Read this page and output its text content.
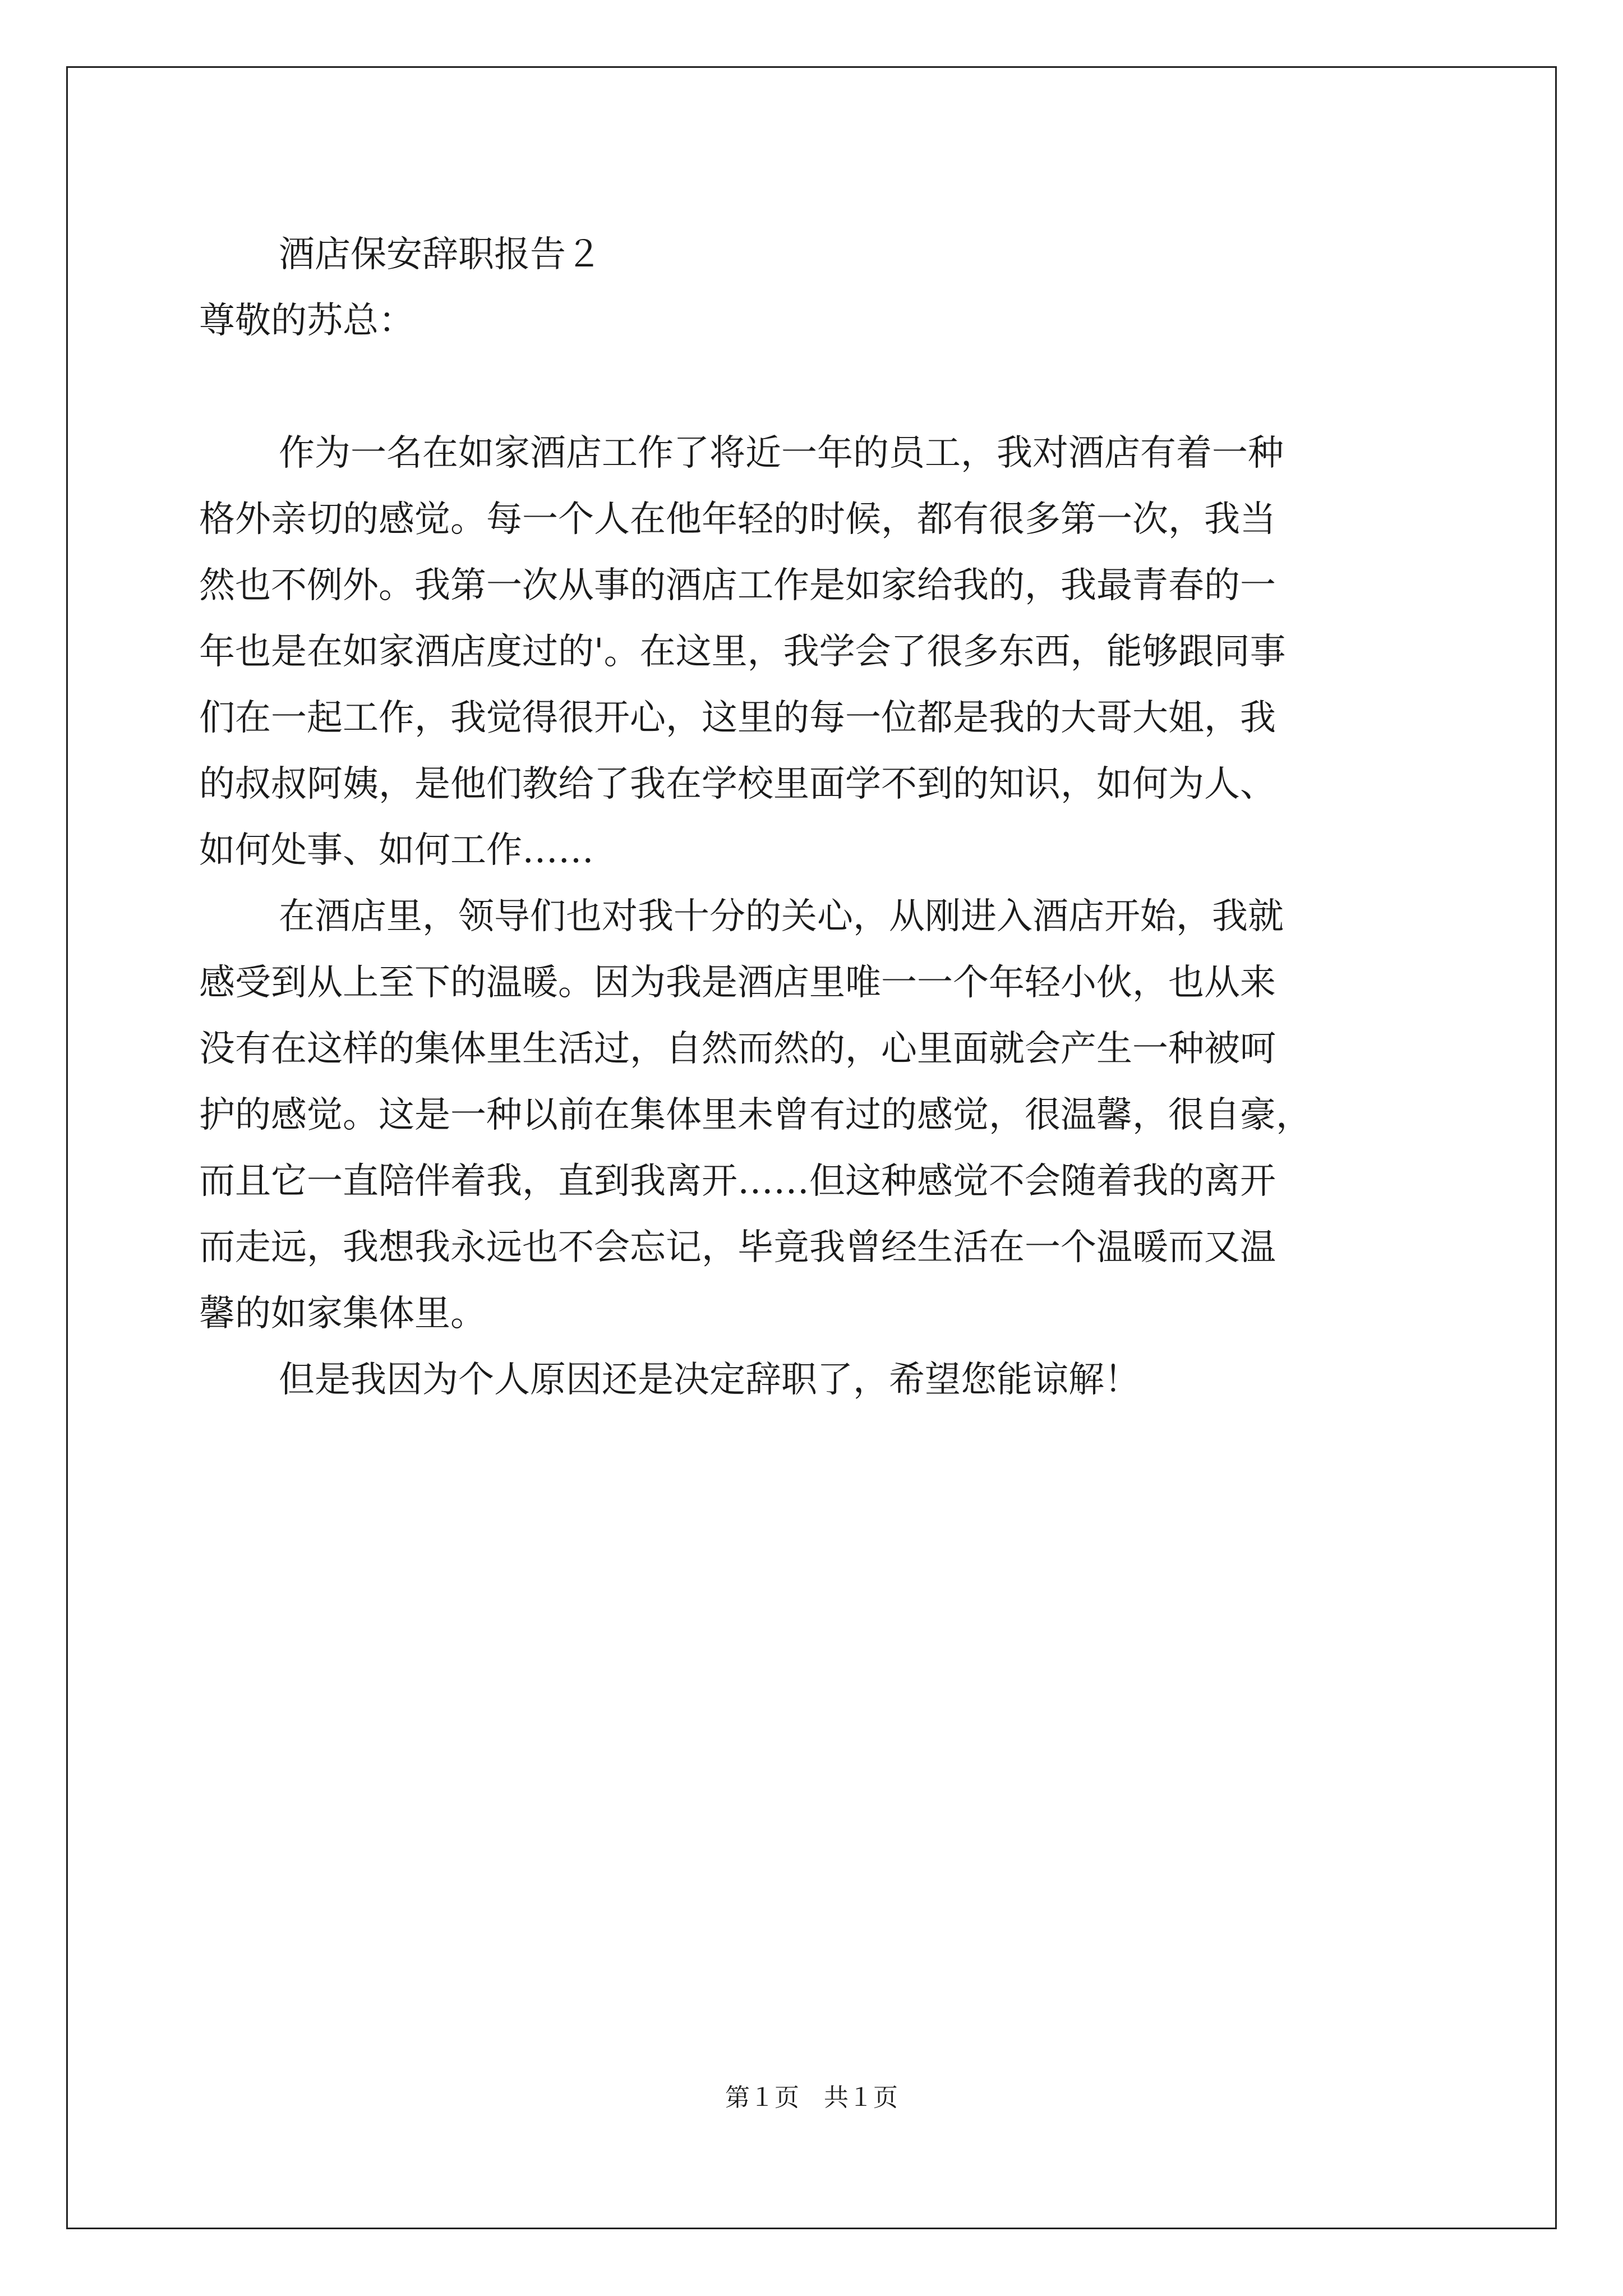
酒店保安辞职报告２

尊敬的苏总：

作为一名在如家酒店工作了将近一年的员工，我对酒店有着一种

格外亲切的感觉。每一个人在他年轻的时候，都有很多第一次，我当

然也不例外。我第一次从事的酒店工作是如家给我的，我最青春的一

年也是在如家酒店度过的'。在这里，我学会了很多东西，能够跟同事

们在一起工作，我觉得很开心，这里的每一位都是我的大哥大姐，我

的叔叔阿姨，是他们教给了我在学校里面学不到的知识，如何为人、

如何处事、如何工作……

在酒店里，领导们也对我十分的关心，从刚进入酒店开始，我就

感受到从上至下的温暖。因为我是酒店里唯一一个年轻小伙，也从来

没有在这样的集体里生活过，自然而然的，心里面就会产生一种被呵

护的感觉。这是一种以前在集体里未曾有过的感觉，很温馨，很自豪，

而且它一直陪伴着我，直到我离开……但这种感觉不会随着我的离开

而走远，我想我永远也不会忘记，毕竟我曾经生活在一个温暖而又温

馨的如家集体里。

但是我因为个人原因还是决定辞职了，希望您能谅解！

第１页 共１页
